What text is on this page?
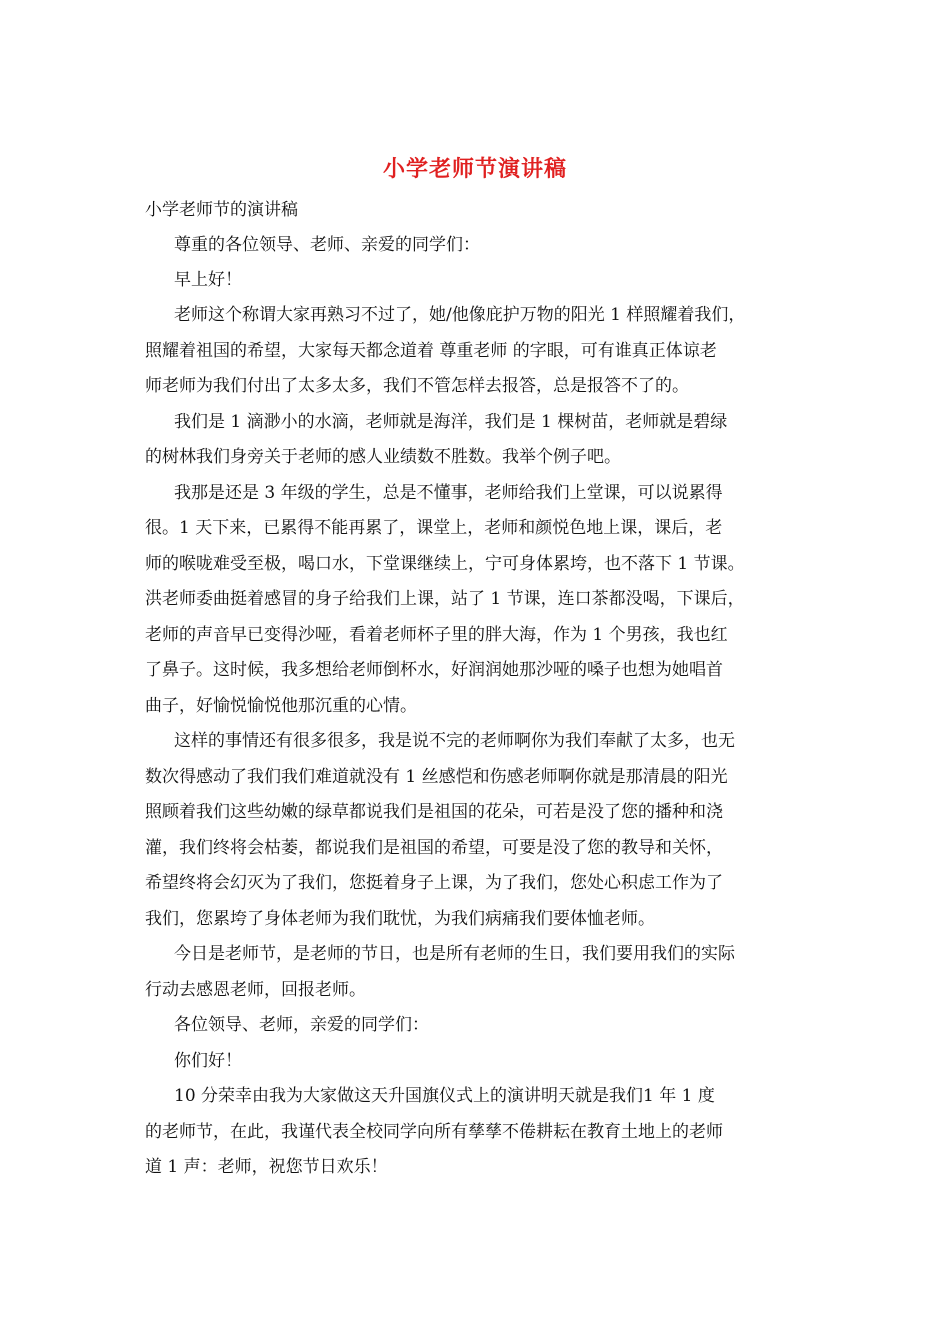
小学老师节演讲稿
小学老师节的演讲稿
尊重的各位领导、老师、亲爱的同学们：
早上好！
老师这个称谓大家再熟习不过了，她/他像庇护万物的阳光 1 样照耀着我们，
照耀着祖国的希望，大家每天都念道着 尊重老师 的字眼，可有谁真正体谅老
师老师为我们付出了太多太多，我们不管怎样去报答，总是报答不了的。
我们是 1 滴渺小的水滴，老师就是海洋，我们是 1 棵树苗，老师就是碧绿
的树林我们身旁关于老师的感人业绩数不胜数。我举个例子吧。
我那是还是 3 年级的学生，总是不懂事，老师给我们上堂课，可以说累得
很。1 天下来，已累得不能再累了，课堂上，老师和颜悦色地上课，课后，老
师的喉咙难受至极，喝口水，下堂课继续上，宁可身体累垮，也不落下 1 节课。
洪老师委曲挺着感冒的身子给我们上课，站了 1 节课，连口茶都没喝，下课后，
老师的声音早已变得沙哑，看着老师杯子里的胖大海，作为 1 个男孩，我也红
了鼻子。这时候，我多想给老师倒杯水，好润润她那沙哑的嗓子也想为她唱首
曲子，好愉悦愉悦他那沉重的心情。
这样的事情还有很多很多，我是说不完的老师啊你为我们奉献了太多，也无
数次得感动了我们我们难道就没有 1 丝感恺和伤感老师啊你就是那清晨的阳光
照顾着我们这些幼嫩的绿草都说我们是祖国的花朵，可若是没了您的播种和浇
灌，我们终将会枯萎，都说我们是祖国的希望，可要是没了您的教导和关怀，
希望终将会幻灭为了我们，您挺着身子上课，为了我们，您处心积虑工作为了
我们，您累垮了身体老师为我们耽忧，为我们病痛我们要体恤老师。
今日是老师节，是老师的节日，也是所有老师的生日，我们要用我们的实际
行动去感恩老师，回报老师。
各位领导、老师，亲爱的同学们：
你们好！
10 分荣幸由我为大家做这天升国旗仪式上的演讲明天就是我们1 年 1 度
的老师节，在此，我谨代表全校同学向所有孳孳不倦耕耘在教育土地上的老师
道 1 声：老师，祝您节日欢乐！
